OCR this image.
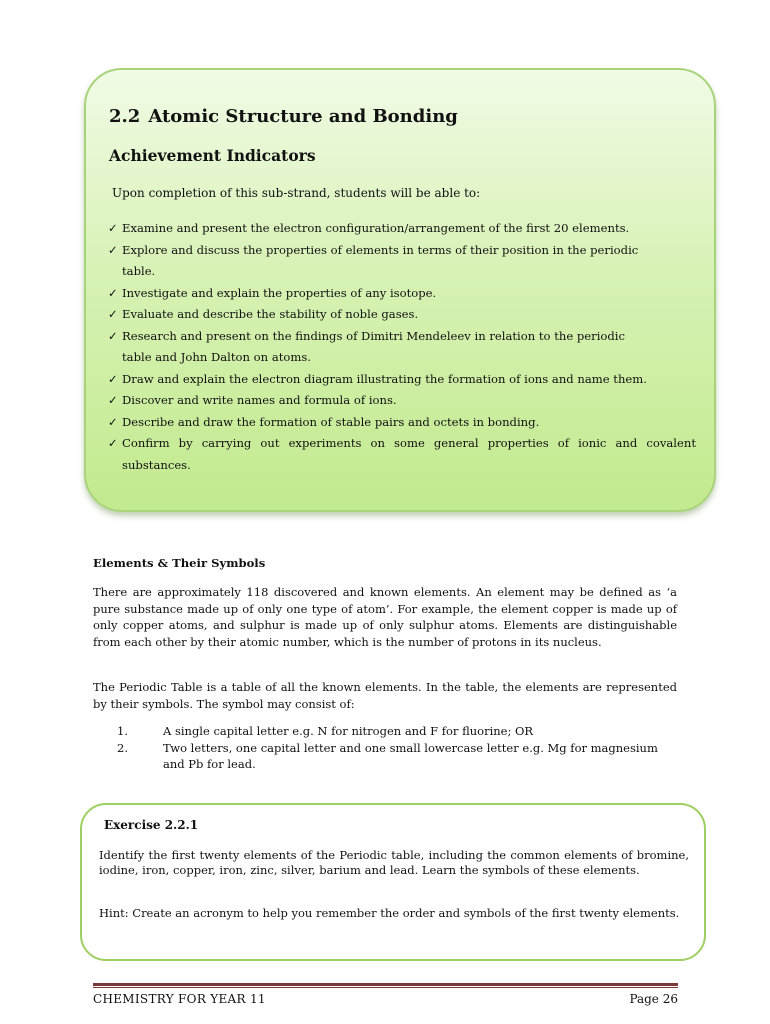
2.2 Atomic Structure and Bonding
Achievement Indicators

Upon completion of this sub-strand, students will be able to:

✓ Examine and present the electron configuration/arrangement of the first 20 elements.
✓ Explore and discuss the properties of elements in terms of their position in the periodic
table.
✓ Investigate and explain the properties of any isotope.
✓ Evaluate and describe the stability of noble gases.
✓ Research and present on the findings of Dimitri Mendeleev in relation to the periodic
table and John Dalton on atoms.
✓ Draw and explain the electron diagram illustrating the formation of ions and name them.
✓ Discover and write names and formula of ions.
✓ Describe and draw the formation of stable pairs and octets in bonding.
✓ Confirm by carrying out experiments on some general properties of ionic and covalent
substances.
Elements & Their Symbols

There are approximately 118 discovered and known elements. An element may be defined as ‘a pure substance made up of only one type of atom’. For example, the element copper is made up of only copper atoms, and sulphur is made up of only sulphur atoms. Elements are distinguishable from each other by their atomic number, which is the number of protons in its nucleus.

The Periodic Table is a table of all the known elements. In the table, the elements are represented by their symbols. The symbol may consist of:

1.	A single capital letter e.g. N for nitrogen and F for fluorine; OR
2.	Two letters, one capital letter and one small lowercase letter e.g. Mg for magnesium and Pb for lead.
Exercise 2.2.1

Identify the first twenty elements of the Periodic table, including the common elements of bromine, iodine, iron, copper, iron, zinc, silver, barium and lead. Learn the symbols of these elements.

Hint: Create an acronym to help you remember the order and symbols of the first twenty elements.

CHEMISTRY FOR YEAR 11	Page 26
